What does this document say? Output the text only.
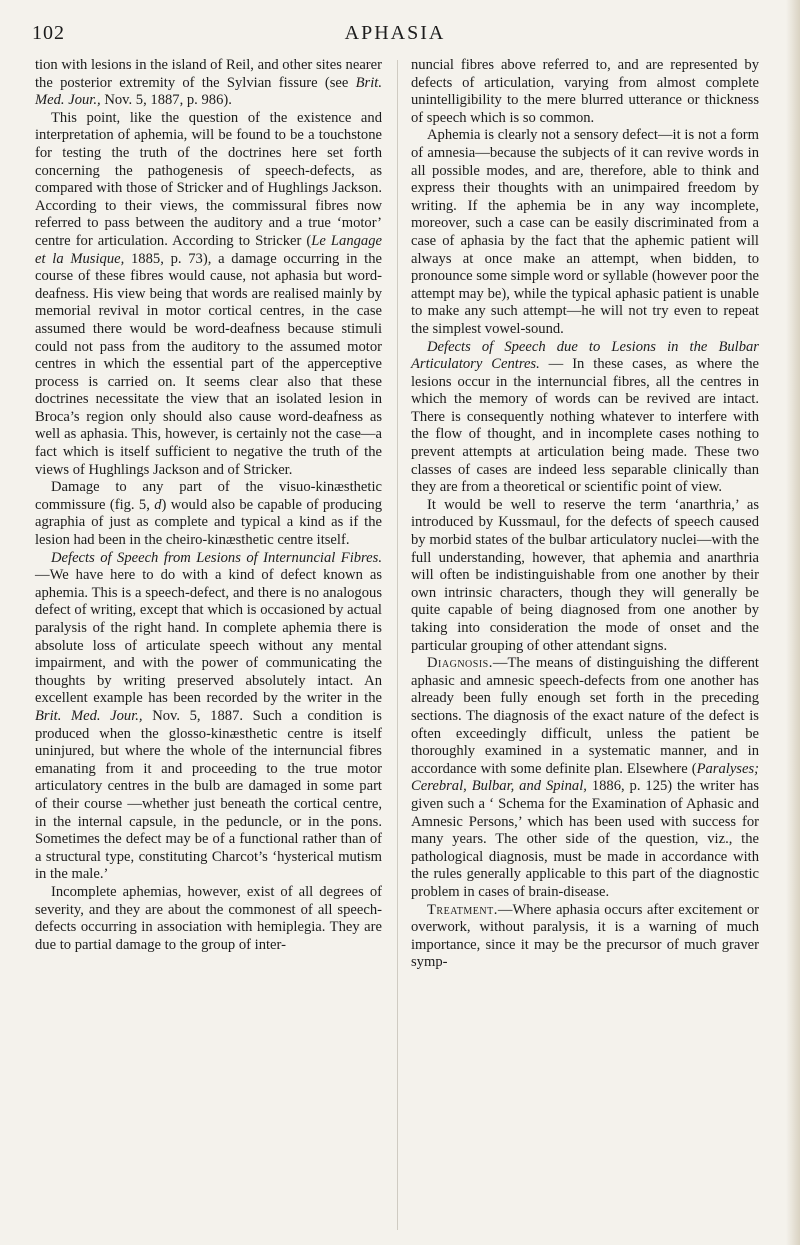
102	APHASIA

tion with lesions in the island of Reil, and other sites nearer the posterior extremity of the Sylvian fissure (see Brit. Med. Jour., Nov. 5, 1887, p. 986).

This point, like the question of the existence and interpretation of aphemia, will be found to be a touchstone for testing the truth of the doctrines here set forth concerning the pathogenesis of speech-defects, as compared with those of Stricker and of Hughlings Jackson. According to their views, the commissural fibres now referred to pass between the auditory and a true ‘motor’ centre for articulation. According to Stricker (Le Langage et la Musique, 1885, p. 73), a damage occurring in the course of these fibres would cause, not aphasia but word-deafness. His view being that words are realised mainly by memorial revival in motor cortical centres, in the case assumed there would be word-deafness because stimuli could not pass from the auditory to the assumed motor centres in which the essential part of the apperceptive process is carried on. It seems clear also that these doctrines necessitate the view that an isolated lesion in Broca’s region only should also cause word-deafness as well as aphasia. This, however, is certainly not the case—a fact which is itself sufficient to negative the truth of the views of Hughlings Jackson and of Stricker.

Damage to any part of the visuo-kinæsthetic commissure (fig. 5, d) would also be capable of producing agraphia of just as complete and typical a kind as if the lesion had been in the cheiro-kinæsthetic centre itself.

Defects of Speech from Lesions of Internuncial Fibres.—We have here to do with a kind of defect known as aphemia. This is a speech-defect, and there is no analogous defect of writing, except that which is occasioned by actual paralysis of the right hand. In complete aphemia there is absolute loss of articulate speech without any mental impairment, and with the power of communicating the thoughts by writing preserved absolutely intact. An excellent example has been recorded by the writer in the Brit. Med. Jour., Nov. 5, 1887. Such a condition is produced when the glosso-kinæsthetic centre is itself uninjured, but where the whole of the internuncial fibres emanating from it and proceeding to the true motor articulatory centres in the bulb are damaged in some part of their course —whether just beneath the cortical centre, in the internal capsule, in the peduncle, or in the pons. Sometimes the defect may be of a functional rather than of a structural type, constituting Charcot’s ‘hysterical mutism in the male.’

Incomplete aphemias, however, exist of all degrees of severity, and they are about the commonest of all speech-defects occurring in association with hemiplegia. They are due to partial damage to the group of inter-

nuncial fibres above referred to, and are represented by defects of articulation, varying from almost complete unintelligibility to the mere blurred utterance or thickness of speech which is so common.

Aphemia is clearly not a sensory defect—it is not a form of amnesia—because the subjects of it can revive words in all possible modes, and are, therefore, able to think and express their thoughts with an unimpaired freedom by writing. If the aphemia be in any way incomplete, moreover, such a case can be easily discriminated from a case of aphasia by the fact that the aphemic patient will always at once make an attempt, when bidden, to pronounce some simple word or syllable (however poor the attempt may be), while the typical aphasic patient is unable to make any such attempt—he will not try even to repeat the simplest vowel-sound.

Defects of Speech due to Lesions in the Bulbar Articulatory Centres. — In these cases, as where the lesions occur in the internuncial fibres, all the centres in which the memory of words can be revived are intact. There is consequently nothing whatever to interfere with the flow of thought, and in incomplete cases nothing to prevent attempts at articulation being made. These two classes of cases are indeed less separable clinically than they are from a theoretical or scientific point of view.

It would be well to reserve the term ‘anarthria,’ as introduced by Kussmaul, for the defects of speech caused by morbid states of the bulbar articulatory nuclei—with the full understanding, however, that aphemia and anarthria will often be indistinguishable from one another by their own intrinsic characters, though they will generally be quite capable of being diagnosed from one another by taking into consideration the mode of onset and the particular grouping of other attendant signs.

Diagnosis.—The means of distinguishing the different aphasic and amnesic speech-defects from one another has already been fully enough set forth in the preceding sections. The diagnosis of the exact nature of the defect is often exceedingly difficult, unless the patient be thoroughly examined in a systematic manner, and in accordance with some definite plan. Elsewhere (Paralyses; Cerebral, Bulbar, and Spinal, 1886, p. 125) the writer has given such a ‘ Schema for the Examination of Aphasic and Amnesic Persons,’ which has been used with success for many years. The other side of the question, viz., the pathological diagnosis, must be made in accordance with the rules generally applicable to this part of the diagnostic problem in cases of brain-disease.

Treatment.—Where aphasia occurs after excitement or overwork, without paralysis, it is a warning of much importance, since it may be the precursor of much graver symp-
